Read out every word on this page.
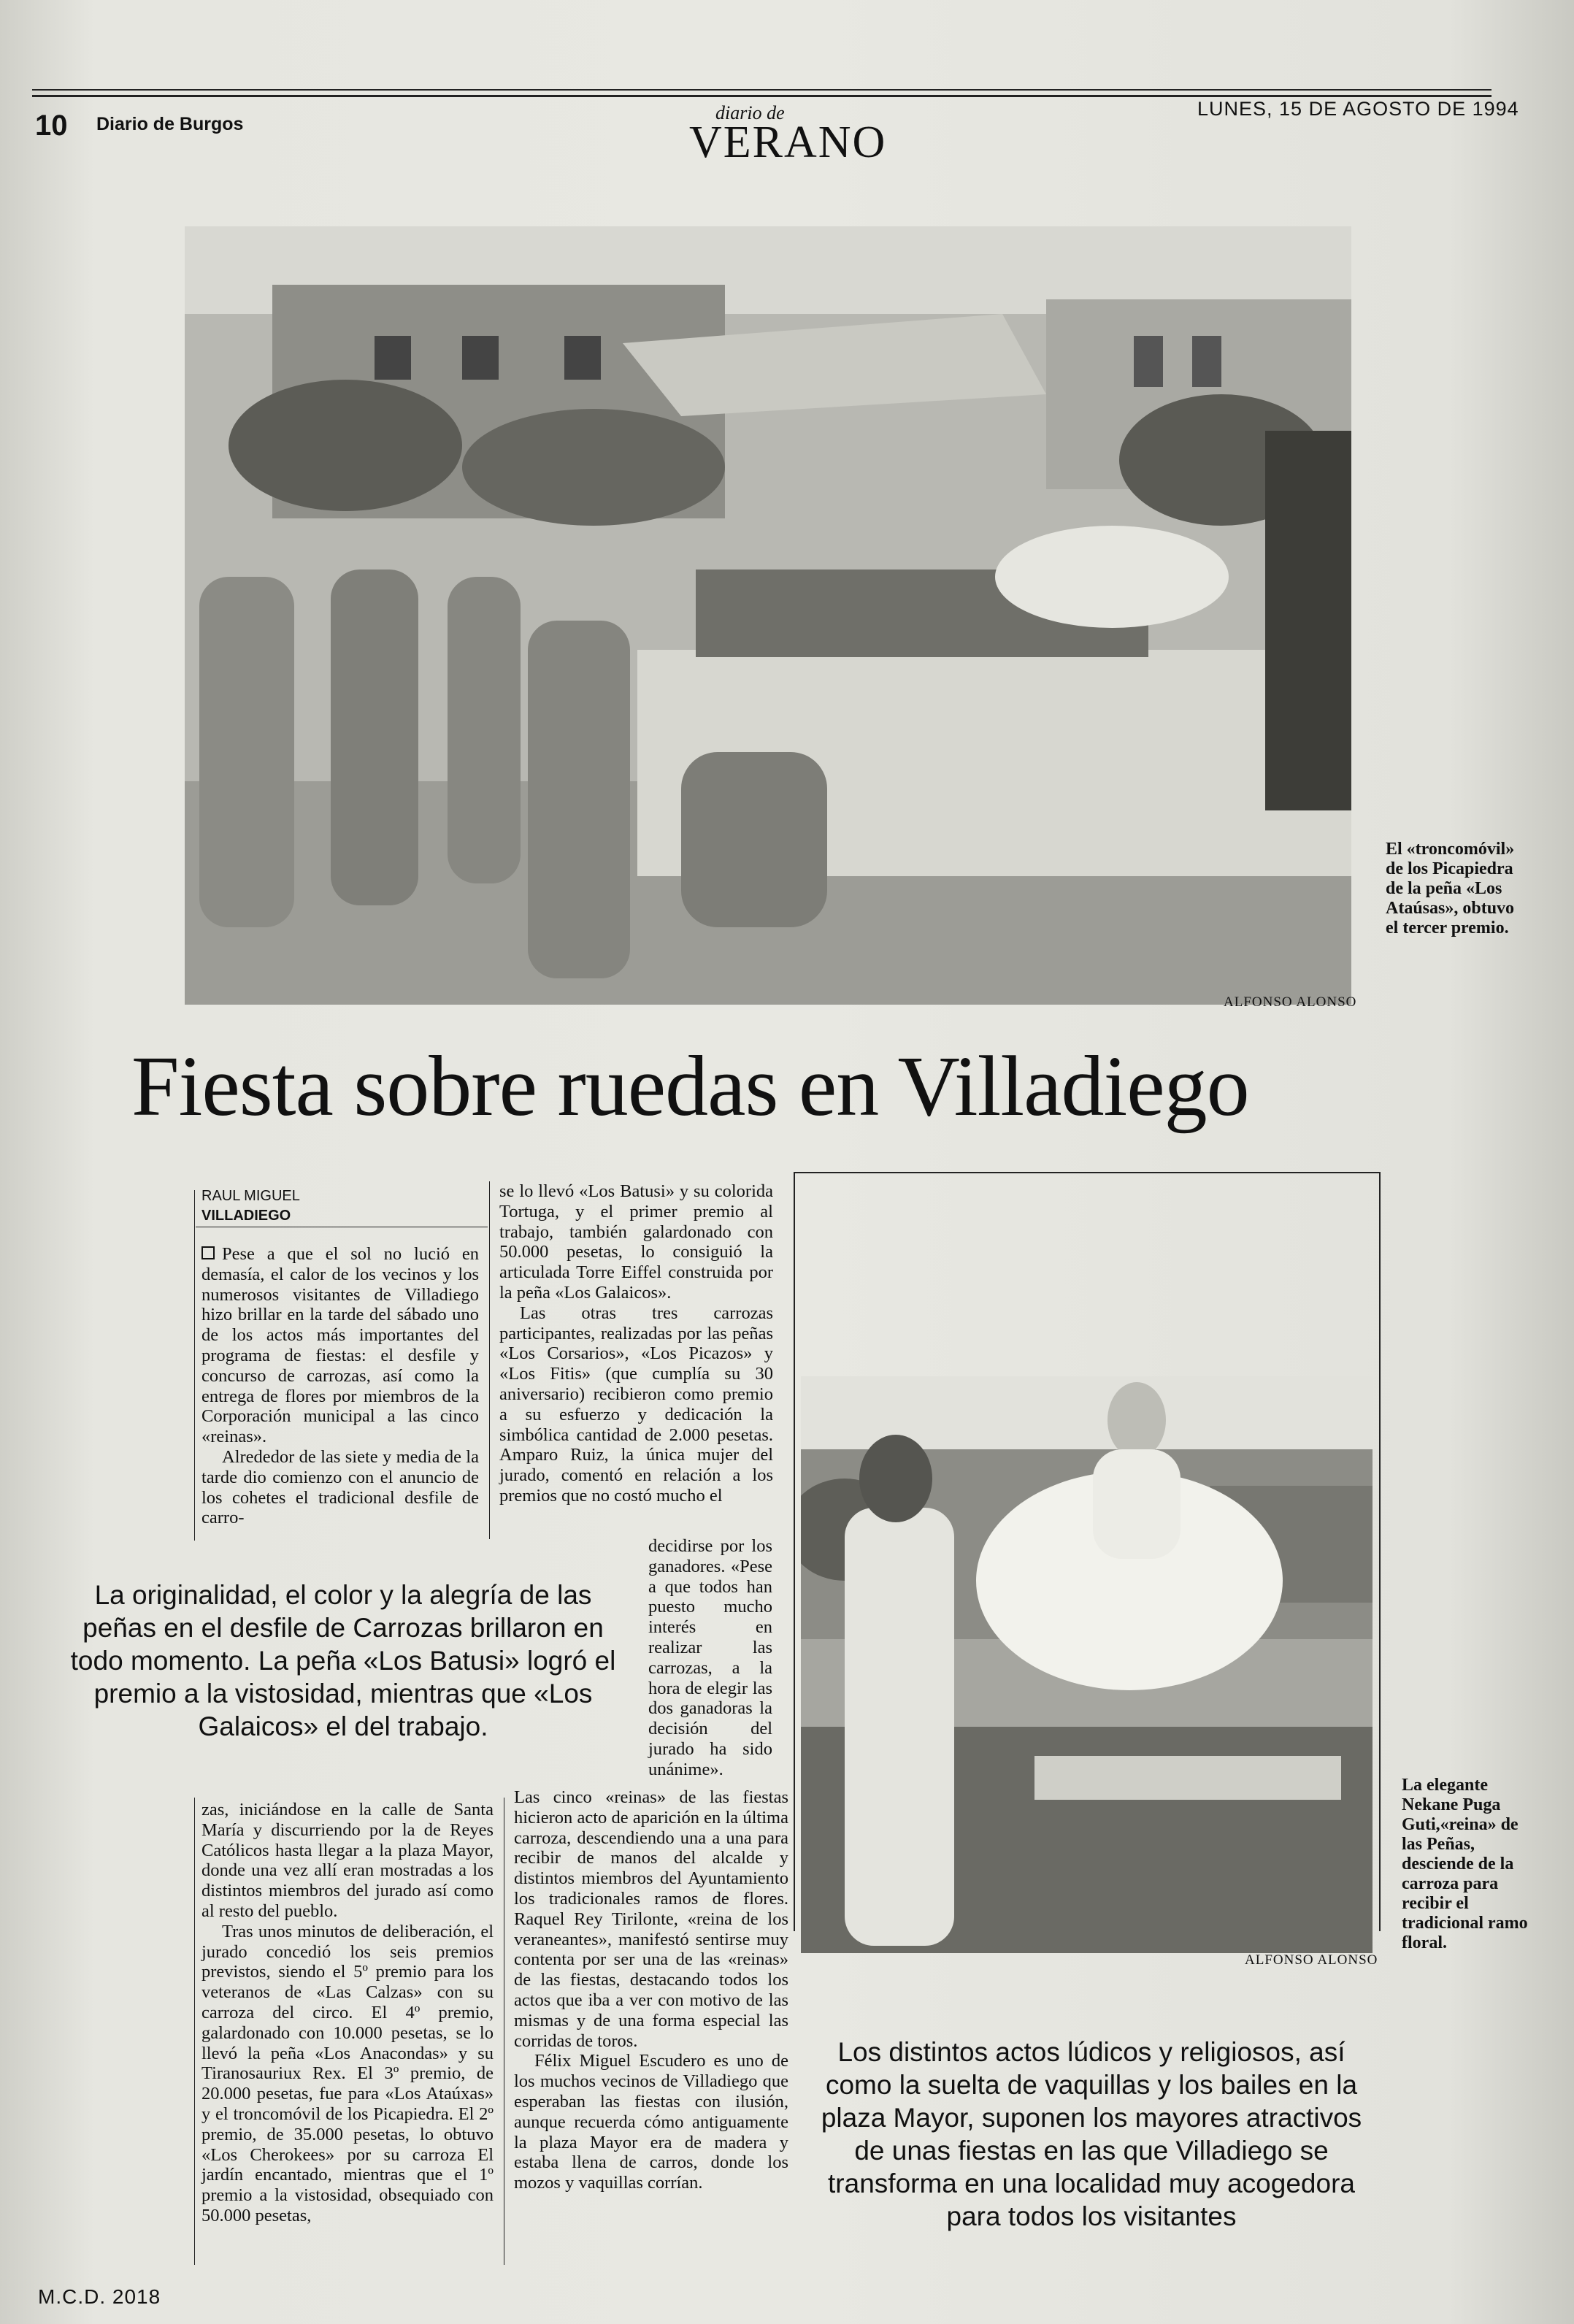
10 Diario de Burgos
diario de
VERANO
LUNES, 15 DE AGOSTO DE 1994
El «troncomóvil» de los Picapiedra de la peña «Los Ataúsas», obtuvo el tercer premio.
ALFONSO ALONSO
Fiesta sobre ruedas en Villadiego
RAUL MIGUEL
VILLADIEGO

Pese a que el sol no lució en demasía, el calor de los vecinos y los numerosos visitantes de Villadiego hizo brillar en la tarde del sábado uno de los actos más importantes del programa de fiestas: el desfile y concurso de carrozas, así como la entrega de flores por miembros de la Corporación municipal a las cinco «reinas».

Alrededor de las siete y media de la tarde dio comienzo con el anuncio de los cohetes el tradicional desfile de carro-

se lo llevó «Los Batusi» y su colorida Tortuga, y el primer premio al trabajo, también galardonado con 50.000 pesetas, lo consiguió la articulada Torre Eiffel construida por la peña «Los Galaicos».

Las otras tres carrozas participantes, realizadas por las peñas «Los Corsarios», «Los Picazos» y «Los Fitis» (que cumplía su 30 aniversario) recibieron como premio a su esfuerzo y dedicación la simbólica cantidad de 2.000 pesetas. Amparo Ruiz, la única mujer del jurado, comentó en relación a los premios que no costó mucho el

decidirse por los ganadores. «Pese a que todos han puesto mucho interés en realizar las carrozas, a la hora de elegir las dos ganadoras la decisión del jurado ha sido unánime».

La originalidad, el color y la alegría de las peñas en el desfile de Carrozas brillaron en todo momento. La peña «Los Batusi» logró el premio a la vistosidad, mientras que «Los Galaicos» el del trabajo.
ALFONSO ALONSO
La elegante Nekane Puga Guti,«reina» de las Peñas, desciende de la carroza para recibir el tradicional ramo floral.

zas, iniciándose en la calle de Santa María y discurriendo por la de Reyes Católicos hasta llegar a la plaza Mayor, donde una vez allí eran mostradas a los distintos miembros del jurado así como al resto del pueblo.

Tras unos minutos de deliberación, el jurado concedió los seis premios previstos, siendo el 5º premio para los veteranos de «Las Calzas» con su carroza del circo. El 4º premio, galardonado con 10.000 pesetas, se lo llevó la peña «Los Anacondas» y su Tiranosauriux Rex. El 3º premio, de 20.000 pesetas, fue para «Los Ataúxas» y el troncomóvil de los Picapiedra. El 2º premio, de 35.000 pesetas, lo obtuvo «Los Cherokees» por su carroza El jardín encantado, mientras que el 1º premio a la vistosidad, obsequiado con 50.000 pesetas,

Las cinco «reinas» de las fiestas hicieron acto de aparición en la última carroza, descendiendo una a una para recibir de manos del alcalde y distintos miembros del Ayuntamiento los tradicionales ramos de flores. Raquel Rey Tirilonte, «reina de los veraneantes», manifestó sentirse muy contenta por ser una de las «reinas» de las fiestas, destacando todos los actos que iba a ver con motivo de las mismas y de una forma especial las corridas de toros.

Félix Miguel Escudero es uno de los muchos vecinos de Villadiego que esperaban las fiestas con ilusión, aunque recuerda cómo antiguamente la plaza Mayor era de madera y estaba llena de carros, donde los mozos y vaquillas corrían.

Los distintos actos lúdicos y religiosos, así como la suelta de vaquillas y los bailes en la plaza Mayor, suponen los mayores atractivos de unas fiestas en las que Villadiego se transforma en una localidad muy acogedora para todos los visitantes
M.C.D. 2018
